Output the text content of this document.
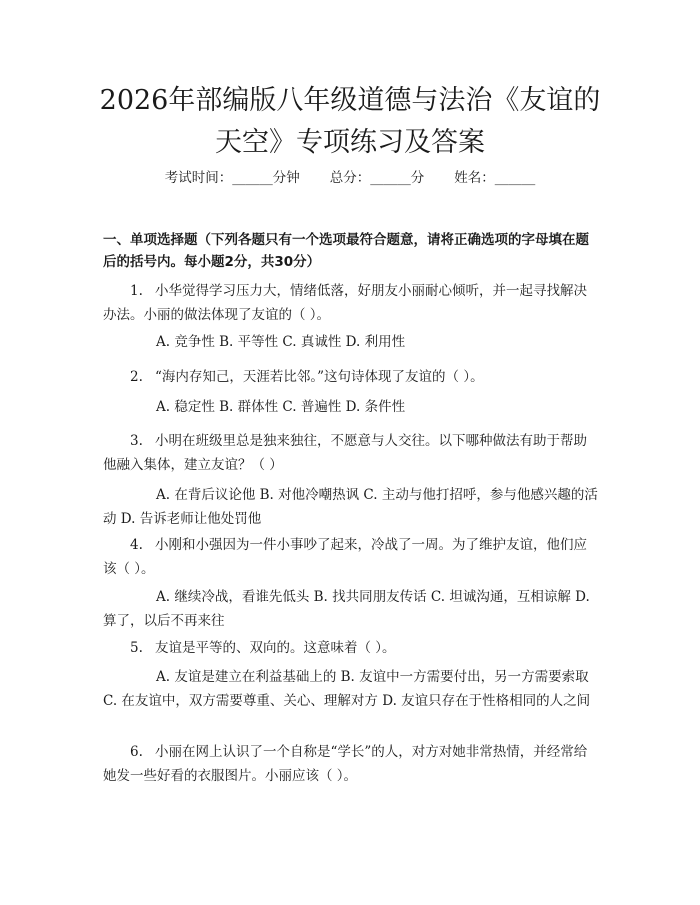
2026年部编版八年级道德与法治《友谊的天空》专项练习及答案
考试时间：______分钟 总分：______分 姓名：______

一、单项选择题（下列各题只有一个选项最符合题意，请将正确选项的字母填在题后的括号内。每小题2分，共30分）

1. 小华觉得学习压力大，情绪低落，好朋友小丽耐心倾听，并一起寻找解决办法。小丽的做法体现了友谊的（ ）。

A. 竞争性 B. 平等性 C. 真诚性 D. 利用性

2. “海内存知己，天涯若比邻。”这句诗体现了友谊的（ ）。

A. 稳定性 B. 群体性 C. 普遍性 D. 条件性

3. 小明在班级里总是独来独往，不愿意与人交往。以下哪种做法有助于帮助他融入集体，建立友谊？（ ）

A. 在背后议论他 B. 对他冷嘲热讽 C. 主动与他打招呼，参与他感兴趣的活动 D. 告诉老师让他处罚他

4. 小刚和小强因为一件小事吵了起来，冷战了一周。为了维护友谊，他们应该（ ）。

A. 继续冷战，看谁先低头 B. 找共同朋友传话 C. 坦诚沟通，互相谅解 D. 算了，以后不再来往

5. 友谊是平等的、双向的。这意味着（ ）。

A. 友谊是建立在利益基础上的 B. 友谊中一方需要付出，另一方需要索取 C. 在友谊中，双方需要尊重、关心、理解对方 D. 友谊只存在于性格相同的人之间

6. 小丽在网上认识了一个自称是“学长”的人，对方对她非常热情，并经常给她发一些好看的衣服图片。小丽应该（ ）。
